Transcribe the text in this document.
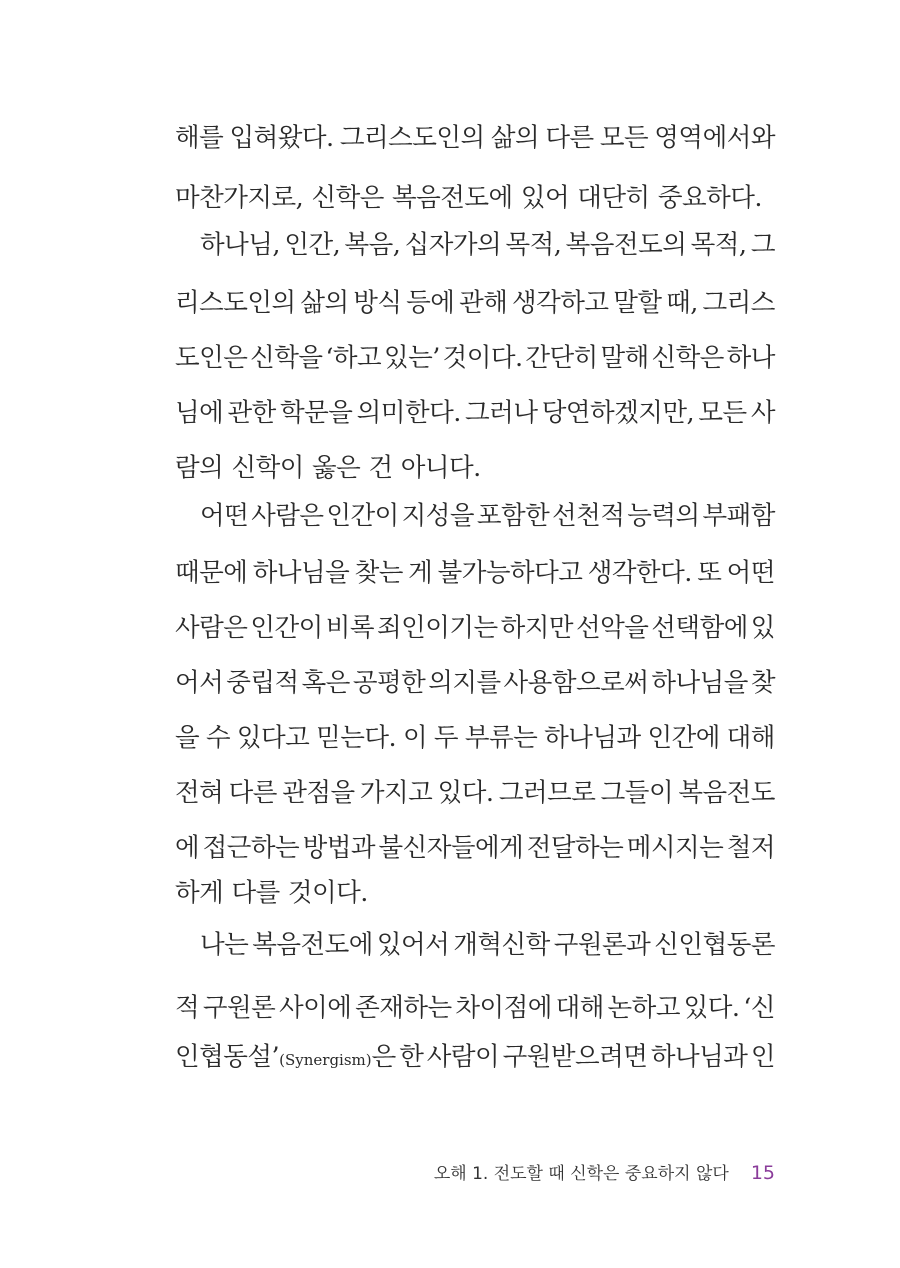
해를 입혀왔다. 그리스도인의 삶의 다른 모든 영역에서와
마찬가지로, 신학은 복음전도에 있어 대단히 중요하다.
하나님, 인간, 복음, 십자가의 목적, 복음전도의 목적, 그
리스도인의 삶의 방식 등에 관해 생각하고 말할 때, 그리스
도인은 신학을 ‘하고 있는’ 것이다. 간단히 말해 신학은 하나
님에 관한 학문을 의미한다. 그러나 당연하겠지만, 모든 사
람의 신학이 옳은 건 아니다.
어떤 사람은 인간이 지성을 포함한 선천적 능력의 부패함
때문에 하나님을 찾는 게 불가능하다고 생각한다. 또 어떤
사람은 인간이 비록 죄인이기는 하지만 선악을 선택함에 있
어서 중립적 혹은 공평한 의지를 사용함으로써 하나님을 찾
을 수 있다고 믿는다. 이 두 부류는 하나님과 인간에 대해
전혀 다른 관점을 가지고 있다. 그러므로 그들이 복음전도
에 접근하는 방법과 불신자들에게 전달하는 메시지는 철저
하게 다를 것이다.
나는 복음전도에 있어서 개혁신학 구원론과 신인협동론
적 구원론 사이에 존재하는 차이점에 대해 논하고 있다. ‘신
인협동설’(Synergism)은 한 사람이 구원받으려면 하나님과 인
오해 1. 전도할 때 신학은 중요하지 않다 15
